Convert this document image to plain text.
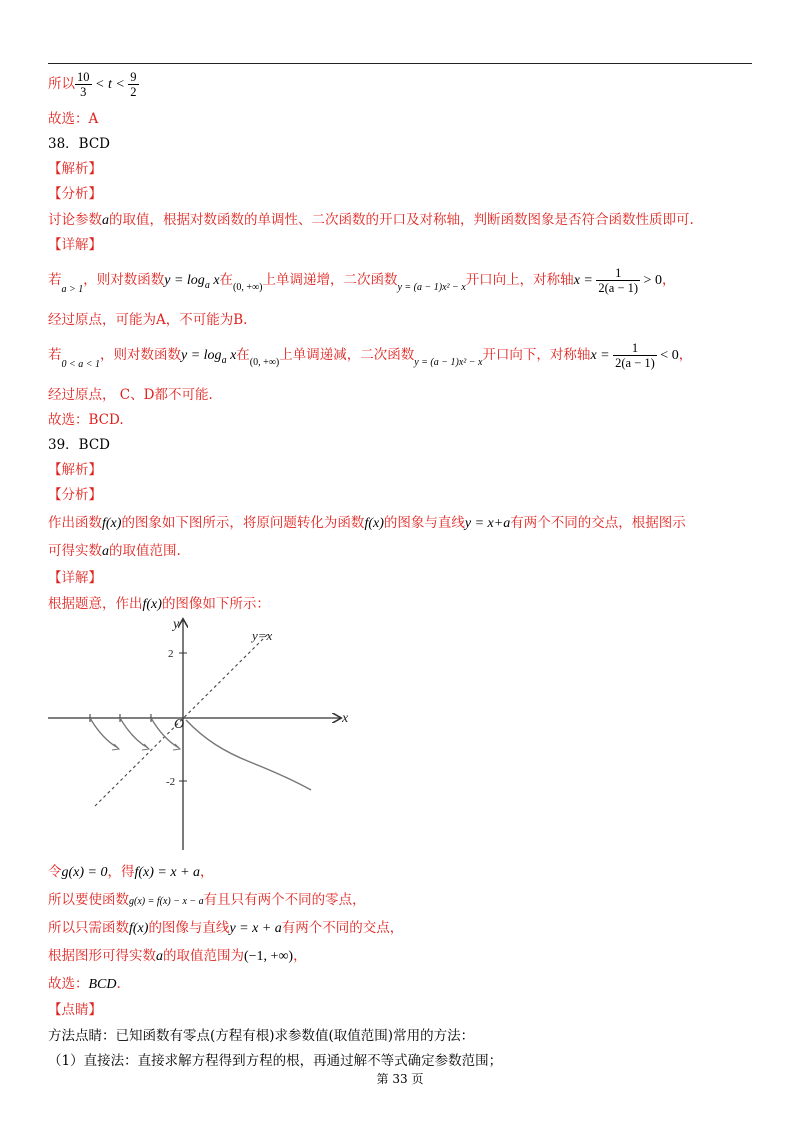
所以 $\frac{10}{3} < t < \frac{9}{2}$
故选：A
38．BCD
【解析】
【分析】
讨论参数a的取值，根据对数函数的单调性、二次函数的开口及对称轴，判断函数图象是否符合函数性质即可.
【详解】
若$_{a > 1}$，则对数函数$y = \log_a x$在$_{(0, +\infty)}$上单调递增，二次函数$_{y = (a - 1)x^2 - x}$开口向上，对称轴$x = \frac{1}{2(a - 1)} > 0$，
经过原点，可能为A，不可能为B.
若$_{0 < a < 1}$，则对数函数$y = \log_a x$在$_{(0, +\infty)}$上单调递减，二次函数$_{y = (a - 1)x^2 - x}$开口向下，对称轴$x = \frac{1}{2(a - 1)} < 0$，
经过原点， C、D都不可能.
故选：BCD.
39．BCD
【解析】
【分析】
作出函数f(x)的图象如下图所示，将原问题转化为函数f(x)的图象与直线y = x+a有两个不同的交点，根据图示
可得实数a的取值范围.
【详解】
根据题意，作出f(x)的图像如下所示：
y
x
y=x
2
-2
O
令g(x) = 0，得f(x) = x + a，
所以要使函数g(x) = f(x) − x − a有且只有两个不同的零点，
所以只需函数f(x)的图像与直线y = x + a有两个不同的交点，
根据图形可得实数a的取值范围为(−1, +∞)，
故选：BCD.
【点睛】
方法点睛：已知函数有零点(方程有根)求参数值(取值范围)常用的方法：
（1）直接法：直接求解方程得到方程的根，再通过解不等式确定参数范围；
第 33 页
